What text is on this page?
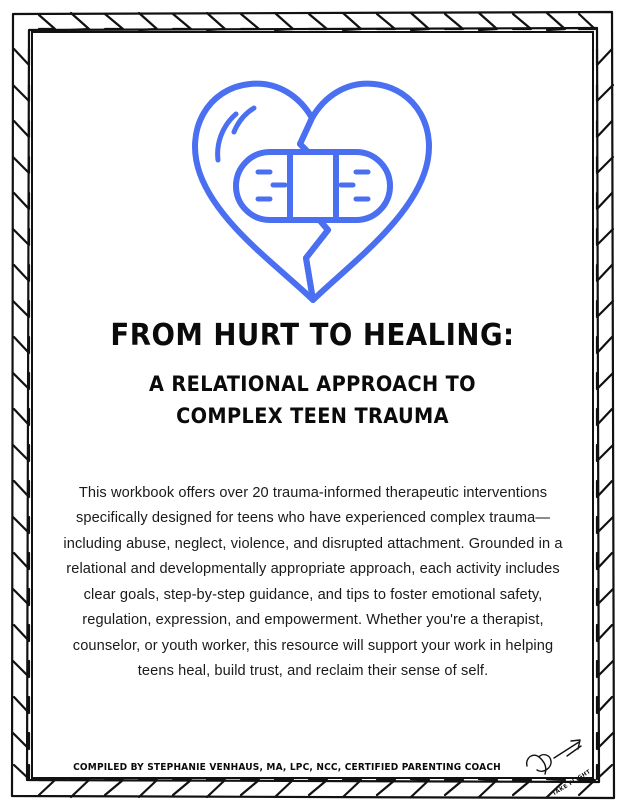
FROM HURT TO HEALING:
A RELATIONAL APPROACH TO
COMPLEX TEEN TRAUMA

This workbook offers over 20 trauma-informed therapeutic interventions specifically designed for teens who have experienced complex trauma—including abuse, neglect, violence, and disrupted attachment. Grounded in a relational and developmentally appropriate approach, each activity includes clear goals, step-by-step guidance, and tips to foster emotional safety, regulation, expression, and empowerment. Whether you're a therapist, counselor, or youth worker, this resource will support your work in helping teens heal, build trust, and reclaim their sense of self.

COMPILED BY STEPHANIE VENHAUS, MA, LPC, NCC, CERTIFIED PARENTING COACH
TAKE FLIGHT
